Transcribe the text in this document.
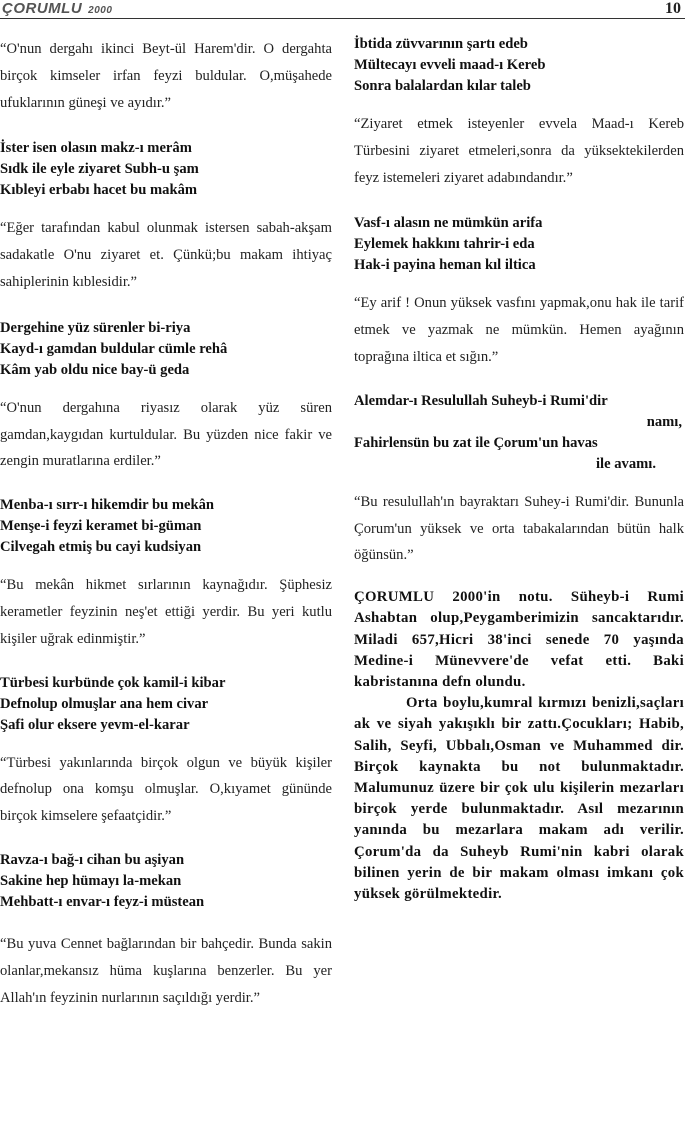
ÇORUMLU 2000	10

“O'nun dergahı ikinci Beyt-ül Harem'dir. O dergahta birçok kimseler irfan feyzi buldular. O,müşahede ufuklarının güneşi ve ayıdır.”

İster isen olasın makz-ı merâm
Sıdk ile eyle ziyaret Subh-u şam
Kıbleyi erbabı hacet bu makâm

“Eğer tarafından kabul olunmak istersen sabah-akşam sadakatle O'nu ziyaret et. Çünkü;bu makam ihtiyaç sahiplerinin kıblesidir.”

Dergehine yüz sürenler bi-riya
Kayd-ı gamdan buldular cümle rehâ
Kâm yab oldu nice bay-ü geda

“O'nun dergahına riyasız olarak yüz süren gamdan,kaygıdan kurtuldular. Bu yüzden nice fakir ve zengin muratlarına erdiler.”

Menba-ı sırr-ı hikemdir bu mekân
Menşe-i feyzi keramet bi-güman
Cilvegah etmiş bu cayi kudsiyan

“Bu mekân hikmet sırlarının kaynağıdır. Şüphesiz kerametler feyzinin neş'et ettiği yerdir. Bu yeri kutlu kişiler uğrak edinmiştir.”

Türbesi kurbünde çok kamil-i kibar
Defnolup olmuşlar ana hem civar
Şafi olur eksere yevm-el-karar

“Türbesi yakınlarında birçok olgun ve büyük kişiler defnolup ona komşu olmuşlar. O,kıyamet gününde birçok kimselere şefaatçidir.”

Ravza-ı bağ-ı cihan bu aşiyan
Sakine hep hümayı la-mekan
Mehbatt-ı envar-ı feyz-i müstean

“Bu yuva Cennet bağlarından bir bahçedir. Bunda sakin olanlar,mekansız hüma kuşlarına benzerler. Bu yer Allah'ın feyzinin nurlarının saçıldığı yerdir.”

İbtida züvvarının şartı edeb
Mültecayı evveli maad-ı Kereb
Sonra balalardan kılar taleb

“Ziyaret etmek isteyenler evvela Maad-ı Kereb Türbesini ziyaret etmeleri,sonra da yüksektekilerden feyz istemeleri ziyaret adabındandır.”

Vasf-ı alasın ne mümkün arifa
Eylemek hakkını tahrir-i eda
Hak-i payina heman kıl iltica

“Ey arif ! Onun yüksek vasfını yapmak,onu hak ile tarif etmek ve yazmak ne mümkün. Hemen ayağının toprağına iltica et sığın.”

Alemdar-ı Resulullah Suheyb-i Rumi'dir
namı,
Fahirlensün bu zat ile Çorum'un havas
ile avamı.

“Bu resulullah'ın bayraktarı Suhey-i Rumi'dir. Bununla Çorum'un yüksek ve orta tabakalarından bütün halk öğünsün.”

ÇORUMLU 2000'in notu. Süheyb-i Rumi Ashabtan olup,Peygamberimizin sancaktarıdır. Miladi 657,Hicri 38'inci senede 70 yaşında Medine-i Münevvere'de vefat etti. Baki kabristanına defn olundu.

Orta boylu,kumral kırmızı benizli,saçları ak ve siyah yakışıklı bir zattı.Çocukları; Habib, Salih, Seyfi, Ubbalı,Osman ve Muhammed dir. Birçok kaynakta bu not bulunmaktadır. Malumunuz üzere bir çok ulu kişilerin mezarları birçok yerde bulunmaktadır. Asıl mezarının yanında bu mezarlara makam adı verilir. Çorum'da da Suheyb Rumi'nin kabri olarak bilinen yerin de bir makam olması imkanı çok yüksek görülmektedir.
